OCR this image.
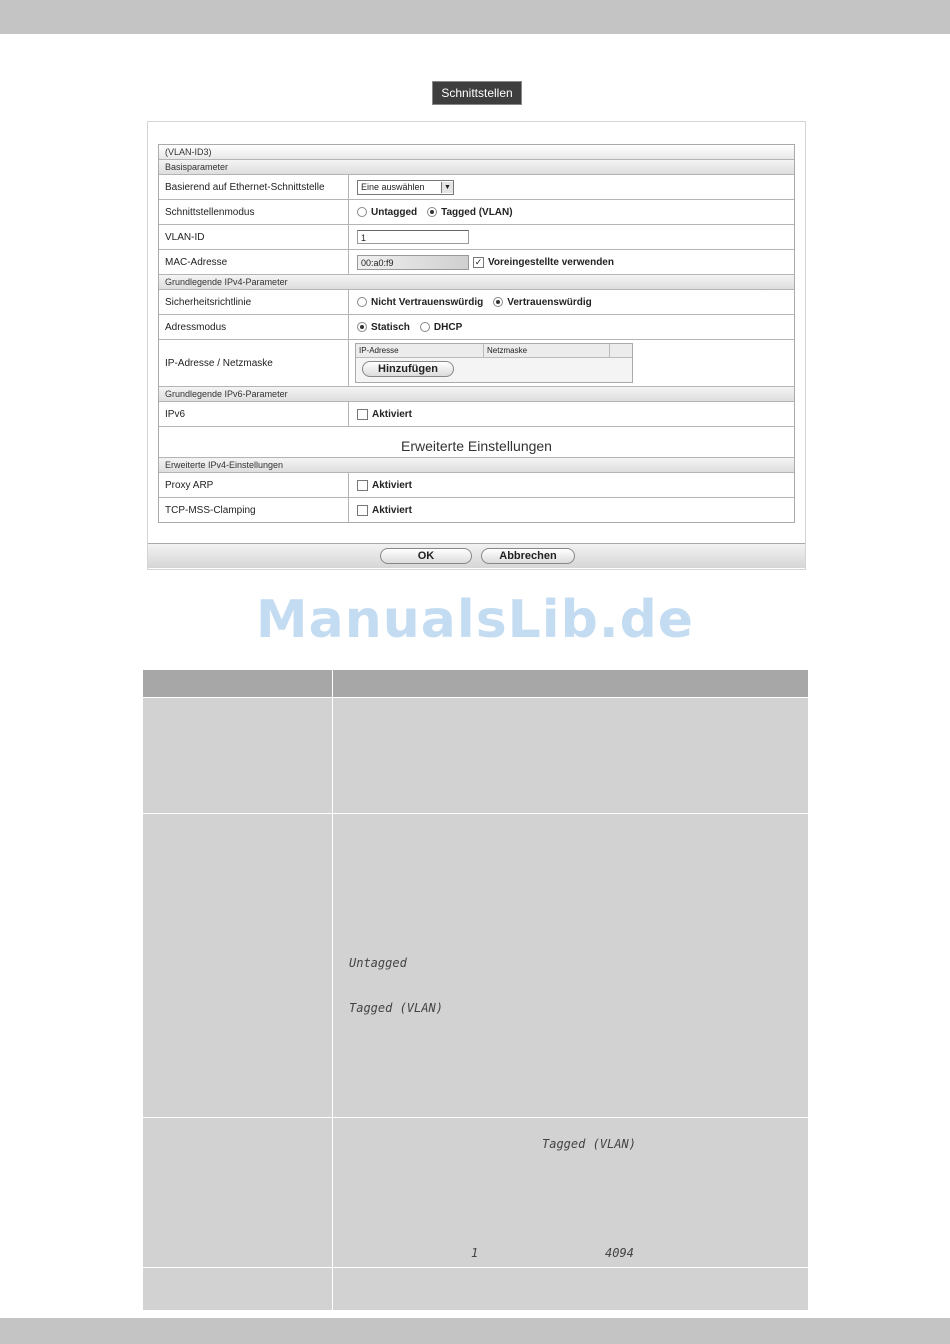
Schnittstellen
(VLAN-ID3)
Basisparameter
Basierend auf Ethernet-Schnittstelle	Eine auswählen	▼
Schnittstellenmodus	Untagged Tagged (VLAN)
VLAN-ID	1
MAC-Adresse	00:a0:f9	✓ Voreingestellte verwenden
Grundlegende IPv4-Parameter
Sicherheitsrichtlinie	Nicht Vertrauenswürdig Vertrauenswürdig
Adressmodus	Statisch DHCP
IP-Adresse / Netzmaske
IP-Adresse	Netzmaske
Hinzufügen
Grundlegende IPv6-Parameter
IPv6	Aktiviert
Erweiterte Einstellungen
Erweiterte IPv4-Einstellungen
Proxy ARP	Aktiviert
TCP-MSS-Clamping	Aktiviert
OK	Abbrechen
ManualsLib.de
Untagged
Tagged (VLAN)
Tagged (VLAN)
1	4094
